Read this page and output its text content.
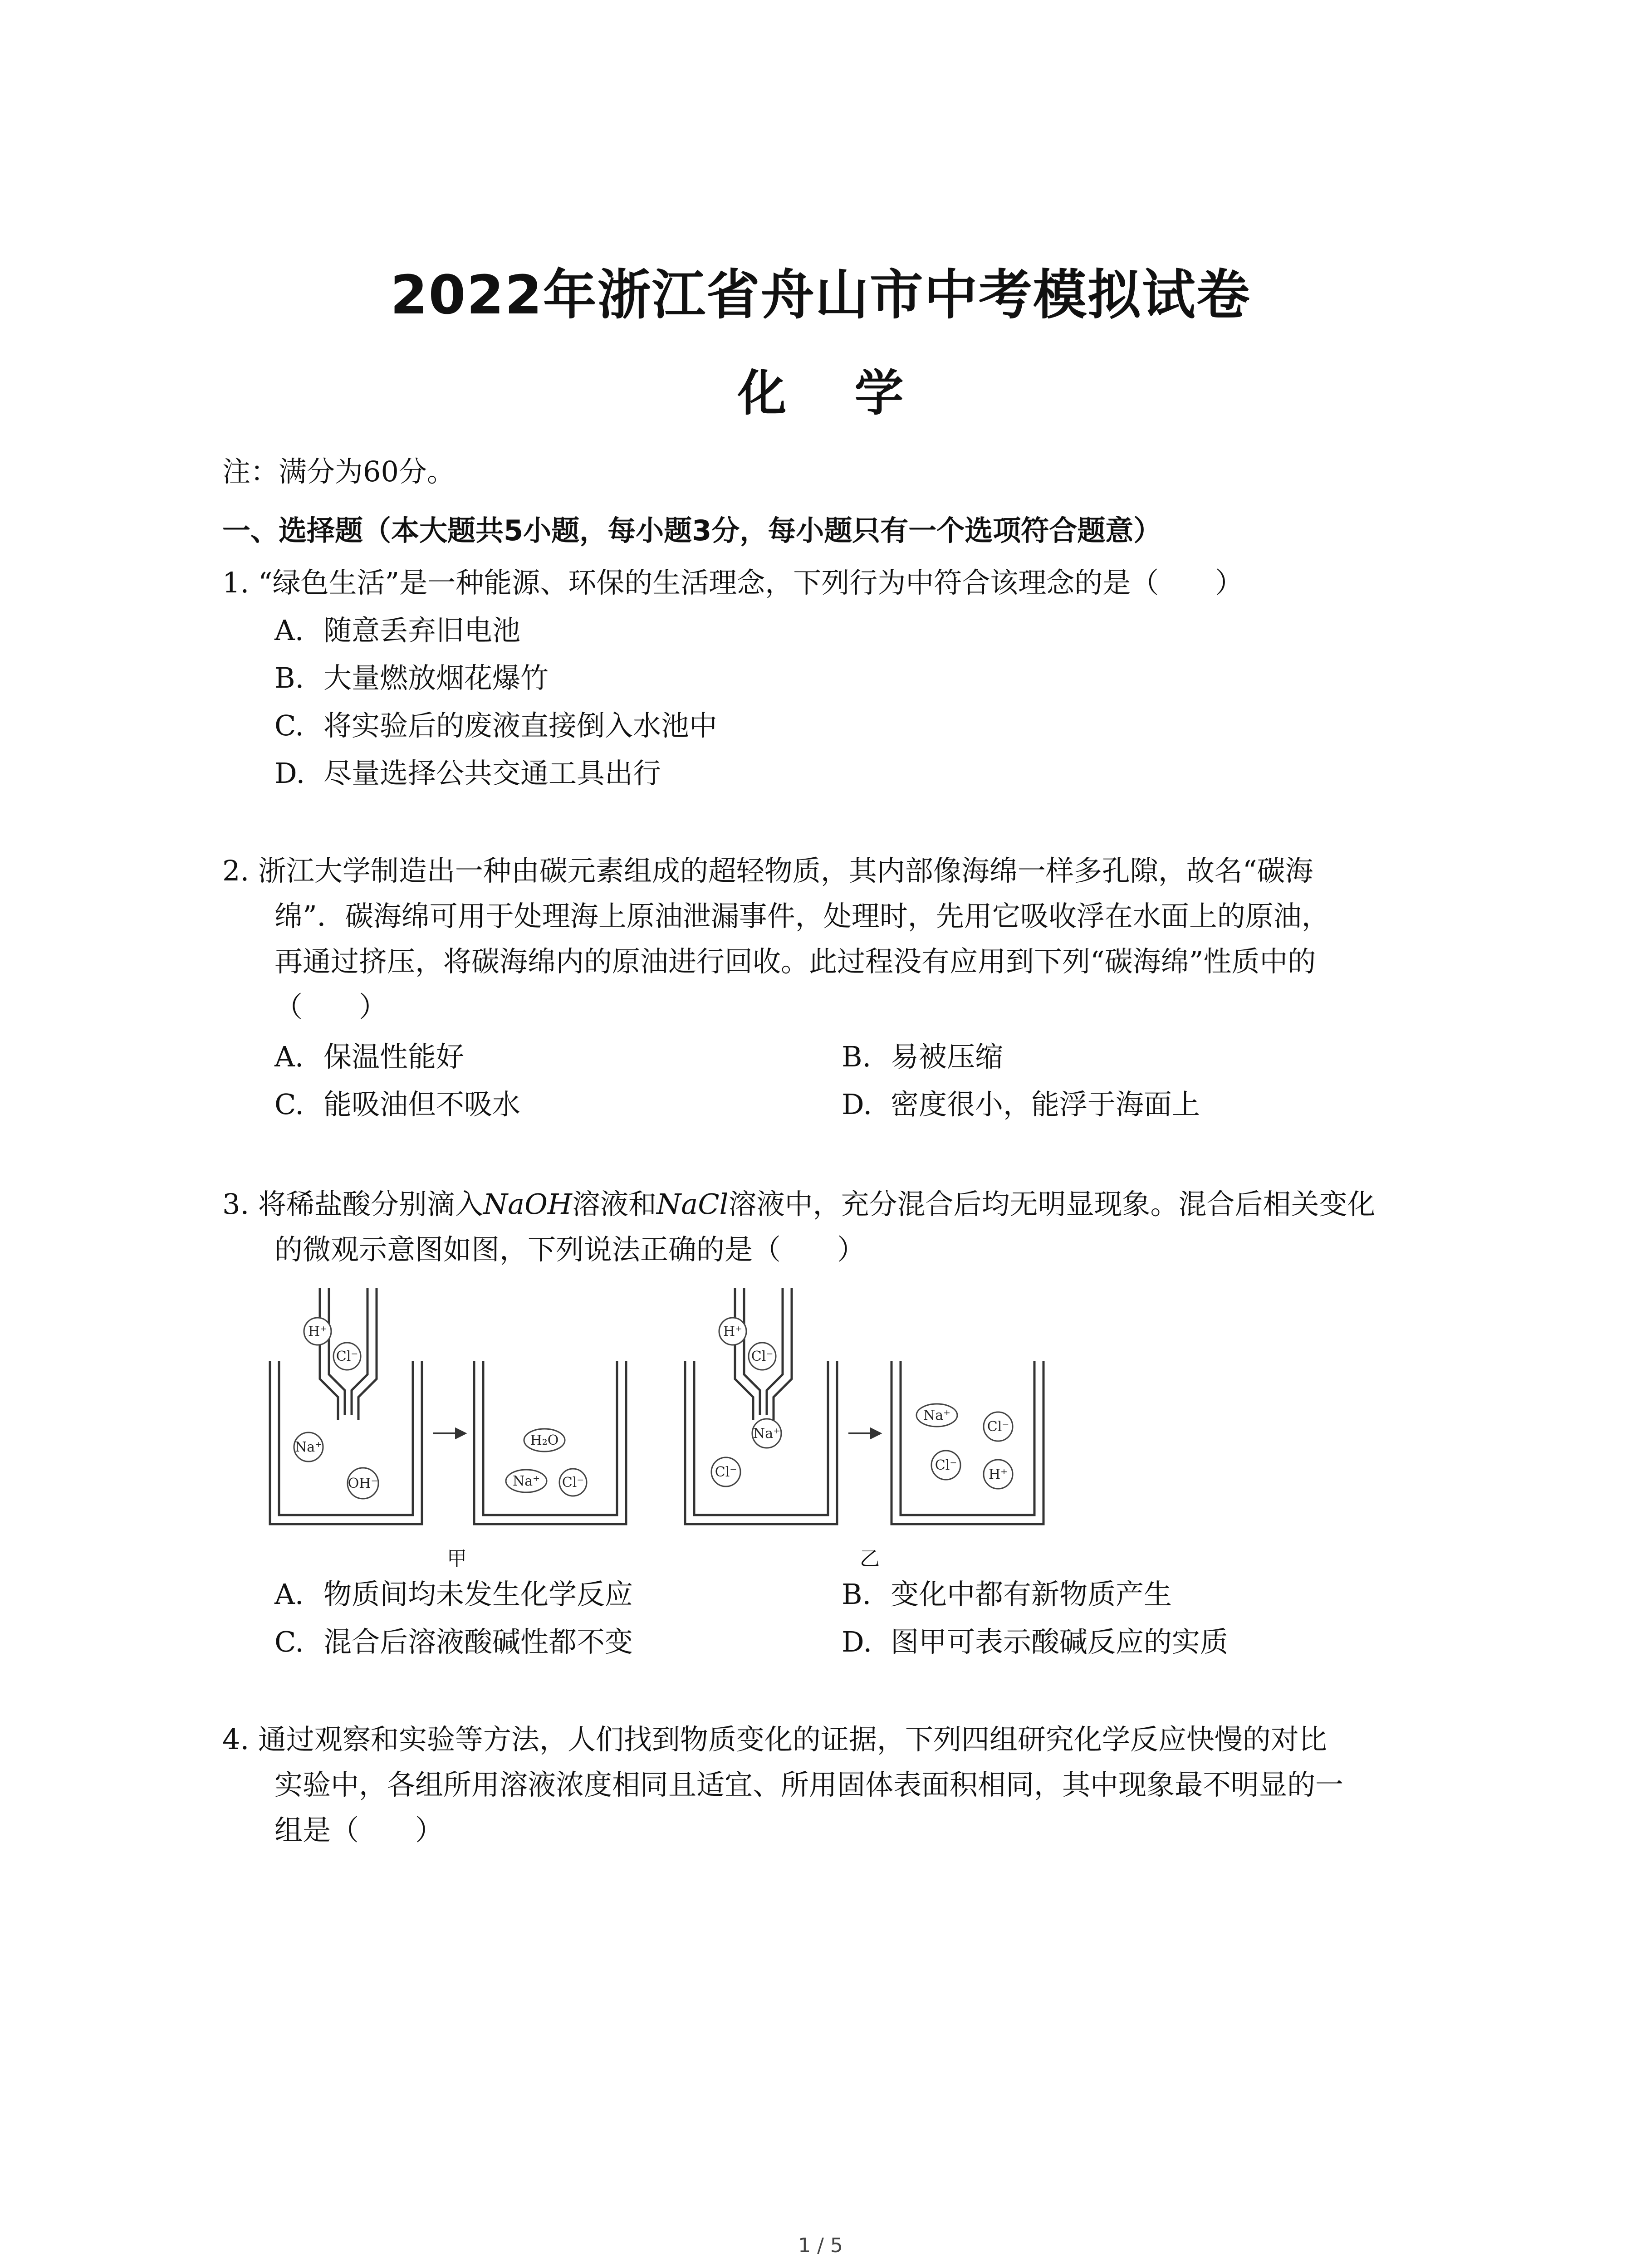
2022年浙江省舟山市中考模拟试卷
化学
注：满分为60分。
一、选择题（本大题共5小题，每小题3分，每小题只有一个选项符合题意）
1. “绿色生活”是一种能源、环保的生活理念，下列行为中符合该理念的是（　　）
A. 随意丢弃旧电池
B. 大量燃放烟花爆竹
C. 将实验后的废液直接倒入水池中
D. 尽量选择公共交通工具出行
2. 浙江大学制造出一种由碳元素组成的超轻物质，其内部像海绵一样多孔隙，故名“碳海
绵”．碳海绵可用于处理海上原油泄漏事件，处理时，先用它吸收浮在水面上的原油，
再通过挤压，将碳海绵内的原油进行回收。此过程没有应用到下列“碳海绵”性质中的
（　　）
A. 保温性能好	B. 易被压缩
C. 能吸油但不吸水	D. 密度很小，能浮于海面上
3. 将稀盐酸分别滴入NaOH溶液和NaCl溶液中，充分混合后均无明显现象。混合后相关变化
的微观示意图如图，下列说法正确的是（　　）
H⁺
Cl⁻
Na⁺
OH⁻
H₂O
Na⁺ Cl⁻
H⁺
Cl⁻
Na⁺
Cl⁻
Na⁺
Cl⁻
Cl⁻
H⁺
甲	乙
A. 物质间均未发生化学反应	B. 变化中都有新物质产生
C. 混合后溶液酸碱性都不变	D. 图甲可表示酸碱反应的实质
4. 通过观察和实验等方法，人们找到物质变化的证据，下列四组研究化学反应快慢的对比
实验中，各组所用溶液浓度相同且适宜、所用固体表面积相同，其中现象最不明显的一
组是（　　）
1 / 5
